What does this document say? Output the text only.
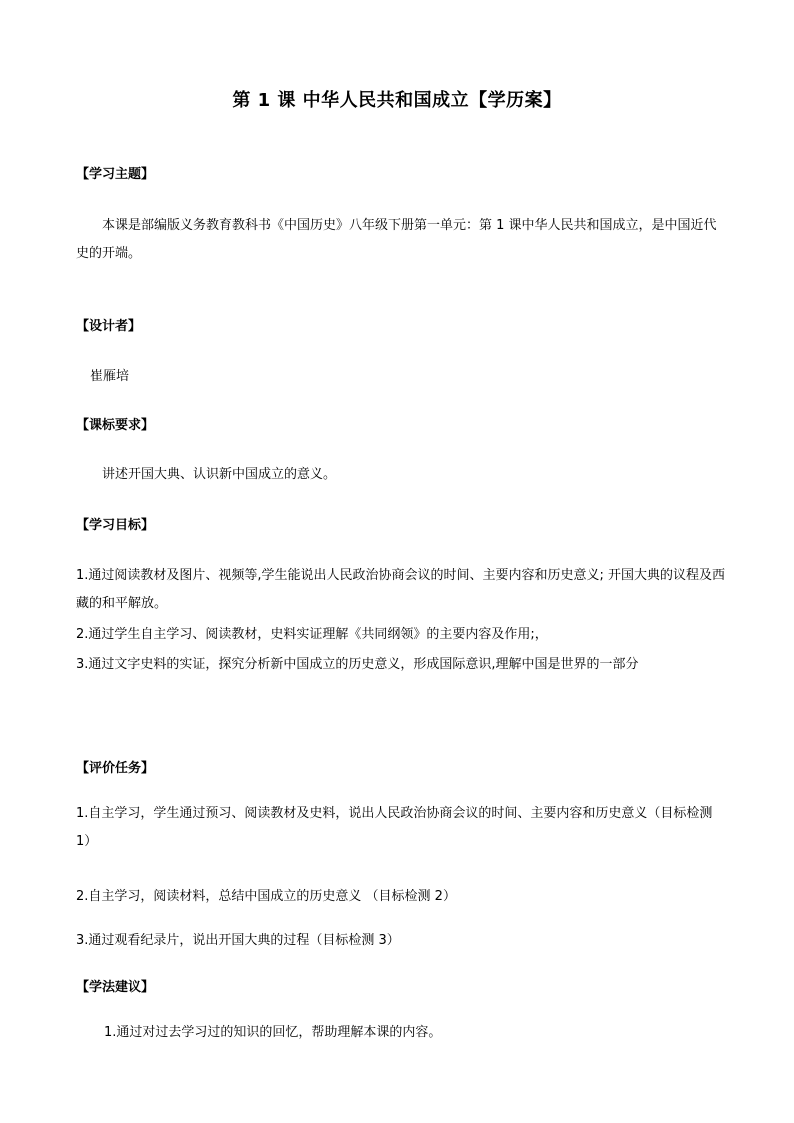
第 1 课 中华人民共和国成立【学历案】
【学习主题】
本课是部编版义务教育教科书《中国历史》八年级下册第一单元：第 1 课中华人民共和国成立，是中国近代史的开端。
【设计者】
崔雁培
【课标要求】
讲述开国大典、认识新中国成立的意义。
【学习目标】
1.通过阅读教材及图片、视频等,学生能说出人民政治协商会议的时间、主要内容和历史意义; 开国大典的议程及西藏的和平解放。
2.通过学生自主学习、阅读教材，史料实证理解《共同纲领》的主要内容及作用;，
3.通过文字史料的实证，探究分析新中国成立的历史意义，形成国际意识,理解中国是世界的一部分
【评价任务】
1.自主学习，学生通过预习、阅读教材及史料，说出人民政治协商会议的时间、主要内容和历史意义（目标检测 1）
2.自主学习，阅读材料，总结中国成立的历史意义 （目标检测 2）
3.通过观看纪录片，说出开国大典的过程（目标检测 3）
【学法建议】
1.通过对过去学习过的知识的回忆，帮助理解本课的内容。
